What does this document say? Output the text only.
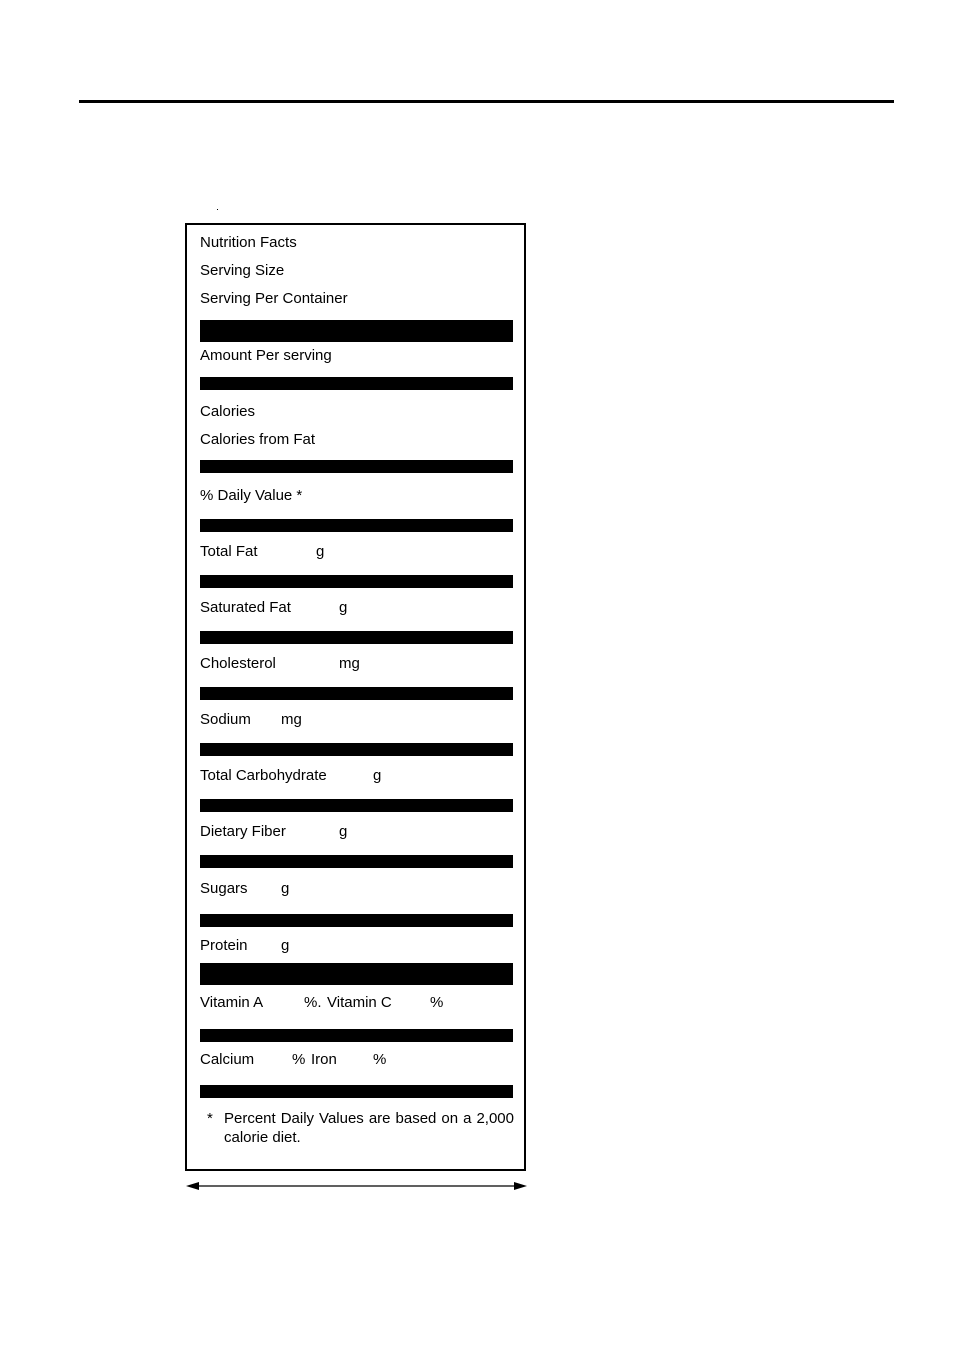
Nutrition Facts
Serving Size
Serving Per Container
Amount Per serving
Calories
Calories from Fat
% Daily Value *
Total Fat	g
Saturated Fat	g
Cholesterol	mg
Sodium mg
Total Carbohydrate	g
Dietary Fiber	g
Sugars g
Protein g
Vitamin A	%. Vitamin C	%
Calcium	% Iron %
* Percent Daily Values are based on a 2,000 calorie diet.
